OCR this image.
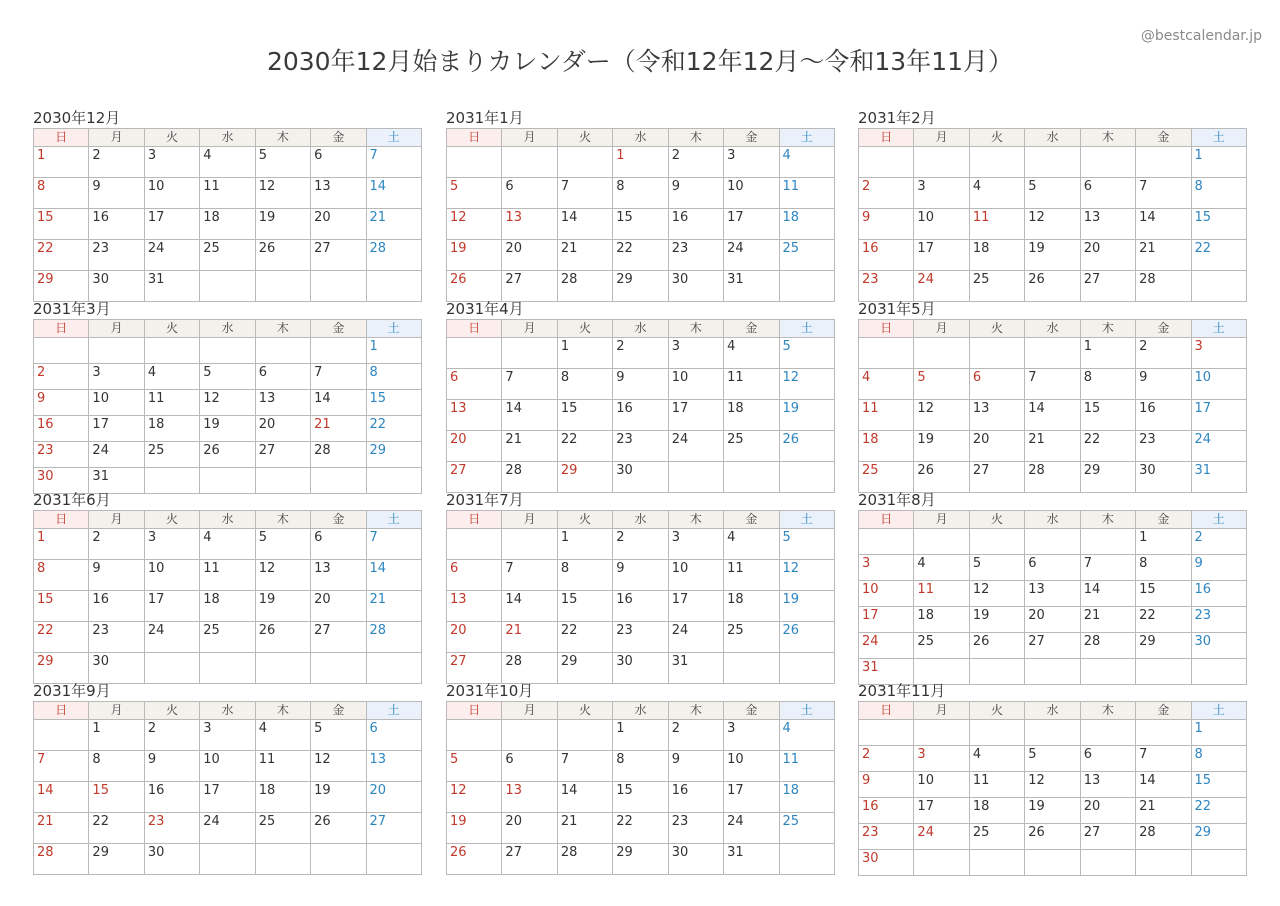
@bestcalendar.jp
2030年12月始まりカレンダー（令和12年12月〜令和13年11月）
2030年12月
日	月	火	水	木	金	土
1	2	3	4	5	6	7
8	9	10	11	12	13	14
15	16	17	18	19	20	21
22	23	24	25	26	27	28
29	30	31				
2031年1月
日	月	火	水	木	金	土
			1	2	3	4
5	6	7	8	9	10	11
12	13	14	15	16	17	18
19	20	21	22	23	24	25
26	27	28	29	30	31	
2031年2月
日	月	火	水	木	金	土
						1
2	3	4	5	6	7	8
9	10	11	12	13	14	15
16	17	18	19	20	21	22
23	24	25	26	27	28	
2031年3月
日	月	火	水	木	金	土
						1
2	3	4	5	6	7	8
9	10	11	12	13	14	15
16	17	18	19	20	21	22
23	24	25	26	27	28	29
30	31					
2031年4月
日	月	火	水	木	金	土
		1	2	3	4	5
6	7	8	9	10	11	12
13	14	15	16	17	18	19
20	21	22	23	24	25	26
27	28	29	30			
2031年5月
日	月	火	水	木	金	土
				1	2	3
4	5	6	7	8	9	10
11	12	13	14	15	16	17
18	19	20	21	22	23	24
25	26	27	28	29	30	31
2031年6月
日	月	火	水	木	金	土
1	2	3	4	5	6	7
8	9	10	11	12	13	14
15	16	17	18	19	20	21
22	23	24	25	26	27	28
29	30					
2031年7月
日	月	火	水	木	金	土
		1	2	3	4	5
6	7	8	9	10	11	12
13	14	15	16	17	18	19
20	21	22	23	24	25	26
27	28	29	30	31		
2031年8月
日	月	火	水	木	金	土
					1	2
3	4	5	6	7	8	9
10	11	12	13	14	15	16
17	18	19	20	21	22	23
24	25	26	27	28	29	30
31						
2031年9月
日	月	火	水	木	金	土
	1	2	3	4	5	6
7	8	9	10	11	12	13
14	15	16	17	18	19	20
21	22	23	24	25	26	27
28	29	30				
2031年10月
日	月	火	水	木	金	土
			1	2	3	4
5	6	7	8	9	10	11
12	13	14	15	16	17	18
19	20	21	22	23	24	25
26	27	28	29	30	31	
2031年11月
日	月	火	水	木	金	土
						1
2	3	4	5	6	7	8
9	10	11	12	13	14	15
16	17	18	19	20	21	22
23	24	25	26	27	28	29
30						
